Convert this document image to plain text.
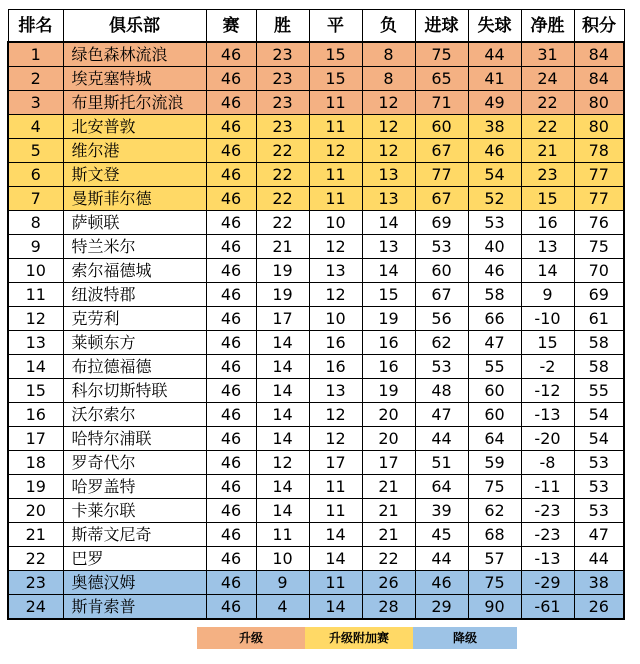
排名	俱乐部	赛	胜	平	负	进球	失球	净胜	积分
1	绿色森林流浪	46	23	15	8	75	44	31	84
2	埃克塞特城	46	23	15	8	65	41	24	84
3	布里斯托尔流浪	46	23	11	12	71	49	22	80
4	北安普敦	46	23	11	12	60	38	22	80
5	维尔港	46	22	12	12	67	46	21	78
6	斯文登	46	22	11	13	77	54	23	77
7	曼斯菲尔德	46	22	11	13	67	52	15	77
8	萨顿联	46	22	10	14	69	53	16	76
9	特兰米尔	46	21	12	13	53	40	13	75
10	索尔福德城	46	19	13	14	60	46	14	70
11	纽波特郡	46	19	12	15	67	58	9	69
12	克劳利	46	17	10	19	56	66	-10	61
13	莱顿东方	46	14	16	16	62	47	15	58
14	布拉德福德	46	14	16	16	53	55	-2	58
15	科尔切斯特联	46	14	13	19	48	60	-12	55
16	沃尔索尔	46	14	12	20	47	60	-13	54
17	哈特尔浦联	46	14	12	20	44	64	-20	54
18	罗奇代尔	46	12	17	17	51	59	-8	53
19	哈罗盖特	46	14	11	21	64	75	-11	53
20	卡莱尔联	46	14	11	21	39	62	-23	53
21	斯蒂文尼奇	46	11	14	21	45	68	-23	47
22	巴罗	46	10	14	22	44	57	-13	44
23	奥德汉姆	46	9	11	26	46	75	-29	38
24	斯肯索普	46	4	14	28	29	90	-61	26
升级	升级附加赛	降级
